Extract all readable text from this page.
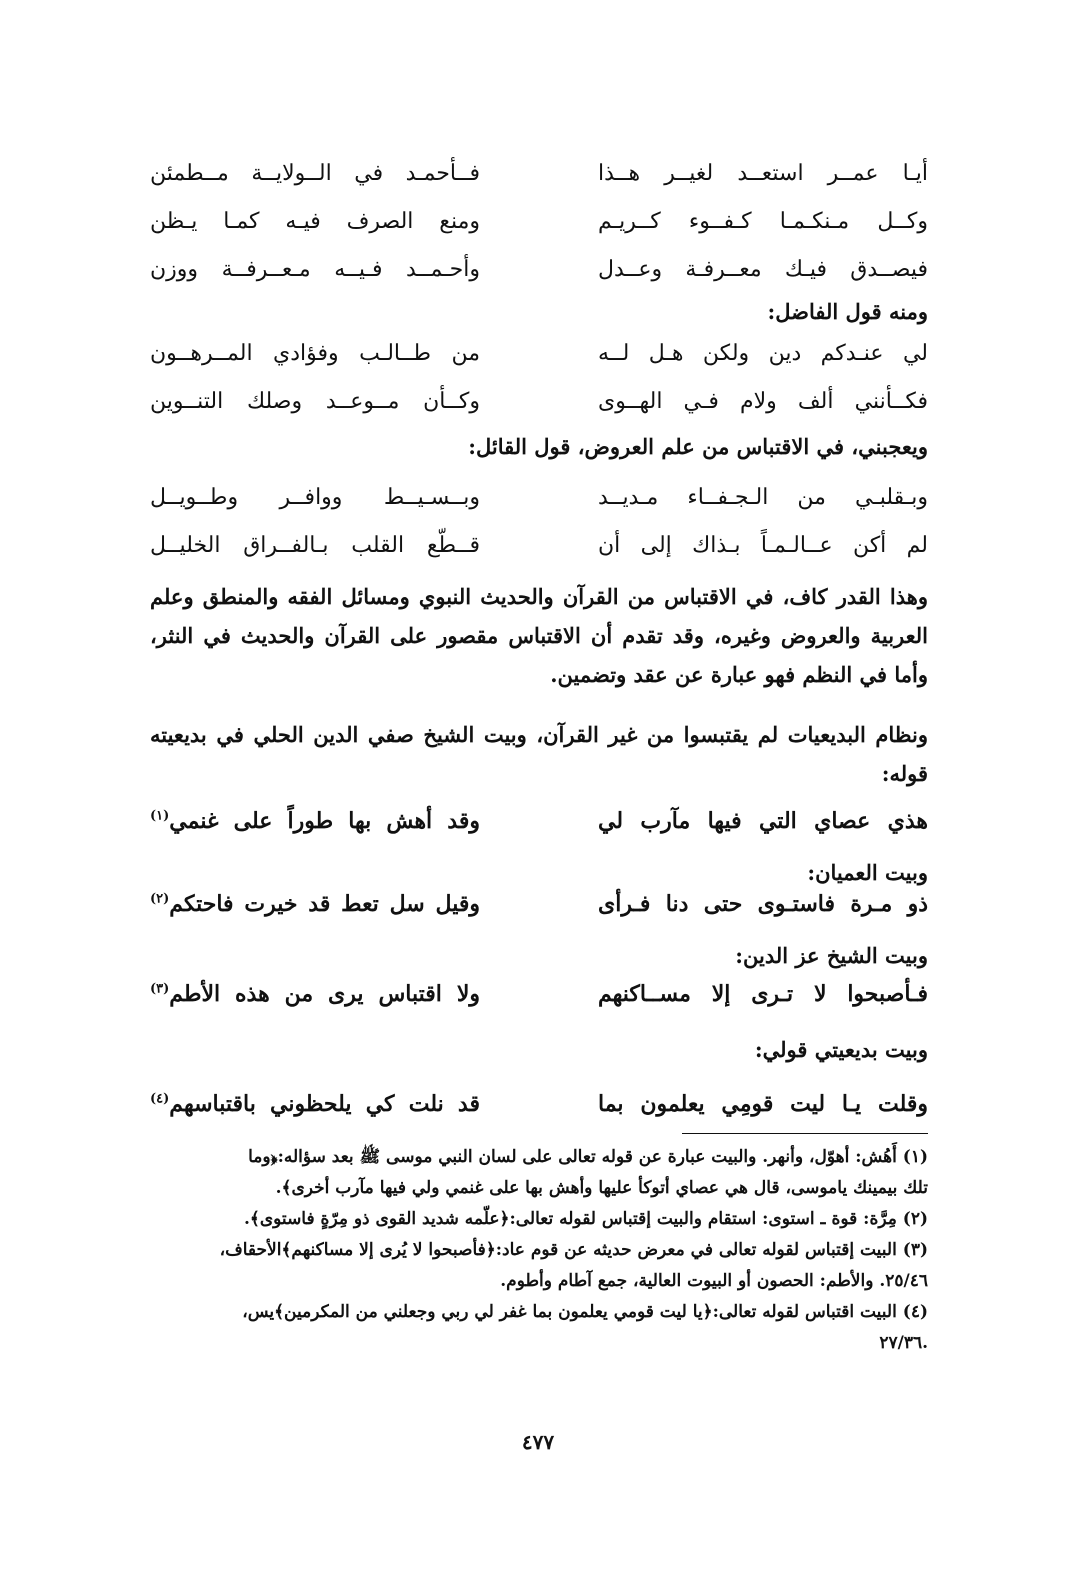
أيـا عمــر استعــد لغيــر هــذا
فــأحمـد في الــولايــة مــطمئن
وكــل مـنكـمـا كـفــوء كــريـم
ومنع الصرف فيـه كمـا يـظن
فيصــدق فيـك معــرفـة وعــدل
وأحـمــد فـيــه مـعــرفــة ووزن
ومنه قول الفاضل:
لي عنـدكم دين ولكن هـل لــه
من طــالـب وفؤادي المــرهــون
فكــأنني ألف ولام فـي الهــوى
وكــأن مــوعــد وصلك التنــوين
ويعجبني، في الاقتباس من علم العروض، قول القائل:
وبـقلبـي من الـجـفــاء مـديــد
وبــسـيــط ووافــر وطــويــل
لم أكن عــالـمـاً بـذاك إلى أن
قــطّع القلب بـالفــراق الخليــل
وهذا القدر كاف، في الاقتباس من القرآن والحديث النبوي ومسائل الفقه والمنطق وعلم العربية والعروض وغيره، وقد تقدم أن الاقتباس مقصور على القرآن والحديث في النثر، وأما في النظم فهو عبارة عن عقد وتضمين.
ونظام البديعيات لم يقتبسوا من غير القرآن، وبيت الشيخ صفي الدين الحلي في بديعيته قوله:
هذي عصاي التي فيها مآرب لي
وقد أهش بها طوراً على غنمي$^{(١)}$
وبيت العميان:
ذو مـرة فاستـوى حتى دنا فـرأى
وقيل سل تعط قد خيرت فاحتكم$^{(٢)}$
وبيت الشيخ عز الدين:
فـأصبحوا لا تـرى إلا مســاكنهم
ولا اقتباس يرى من هذه الأطم$^{(٣)}$
وبيت بديعيتي قولي:
وقلت يـا ليت قومِي يعلمون بما
قد نلت كي يلحظوني باقتباسهم$^{(٤)}$

(١) أَهُش: أهوّل، وأنهر. والبيت عبارة عن قوله تعالى على لسان النبي موسى ﷺ بعد سؤاله:﴿وما

تلك بيمينك ياموسى، قال هي عصاي أتوكأ عليها وأهش بها على غنمي ولي فيها مآرب أخرى﴾.

(٢) مِرَّة: قوة ـ استوى: استقام والبيت إقتباس لقوله تعالى:﴿علّمه شديد القوى ذو مِرّةٍ فاستوى﴾.

(٣) البيت إقتباس لقوله تعالى في معرض حديثه عن قوم عاد:﴿فأصبحوا لا يُرى إلا مساكنهم﴾الأحقاف،

٢٥/٤٦. والأطم: الحصون أو البيوت العالية، جمع آطام وأطوم.

(٤) البيت اقتباس لقوله تعالى:﴿يا ليت قومي يعلمون بما غفر لي ربي وجعلني من المكرمين﴾يس،

.٢٧/٣٦

٤٧٧
